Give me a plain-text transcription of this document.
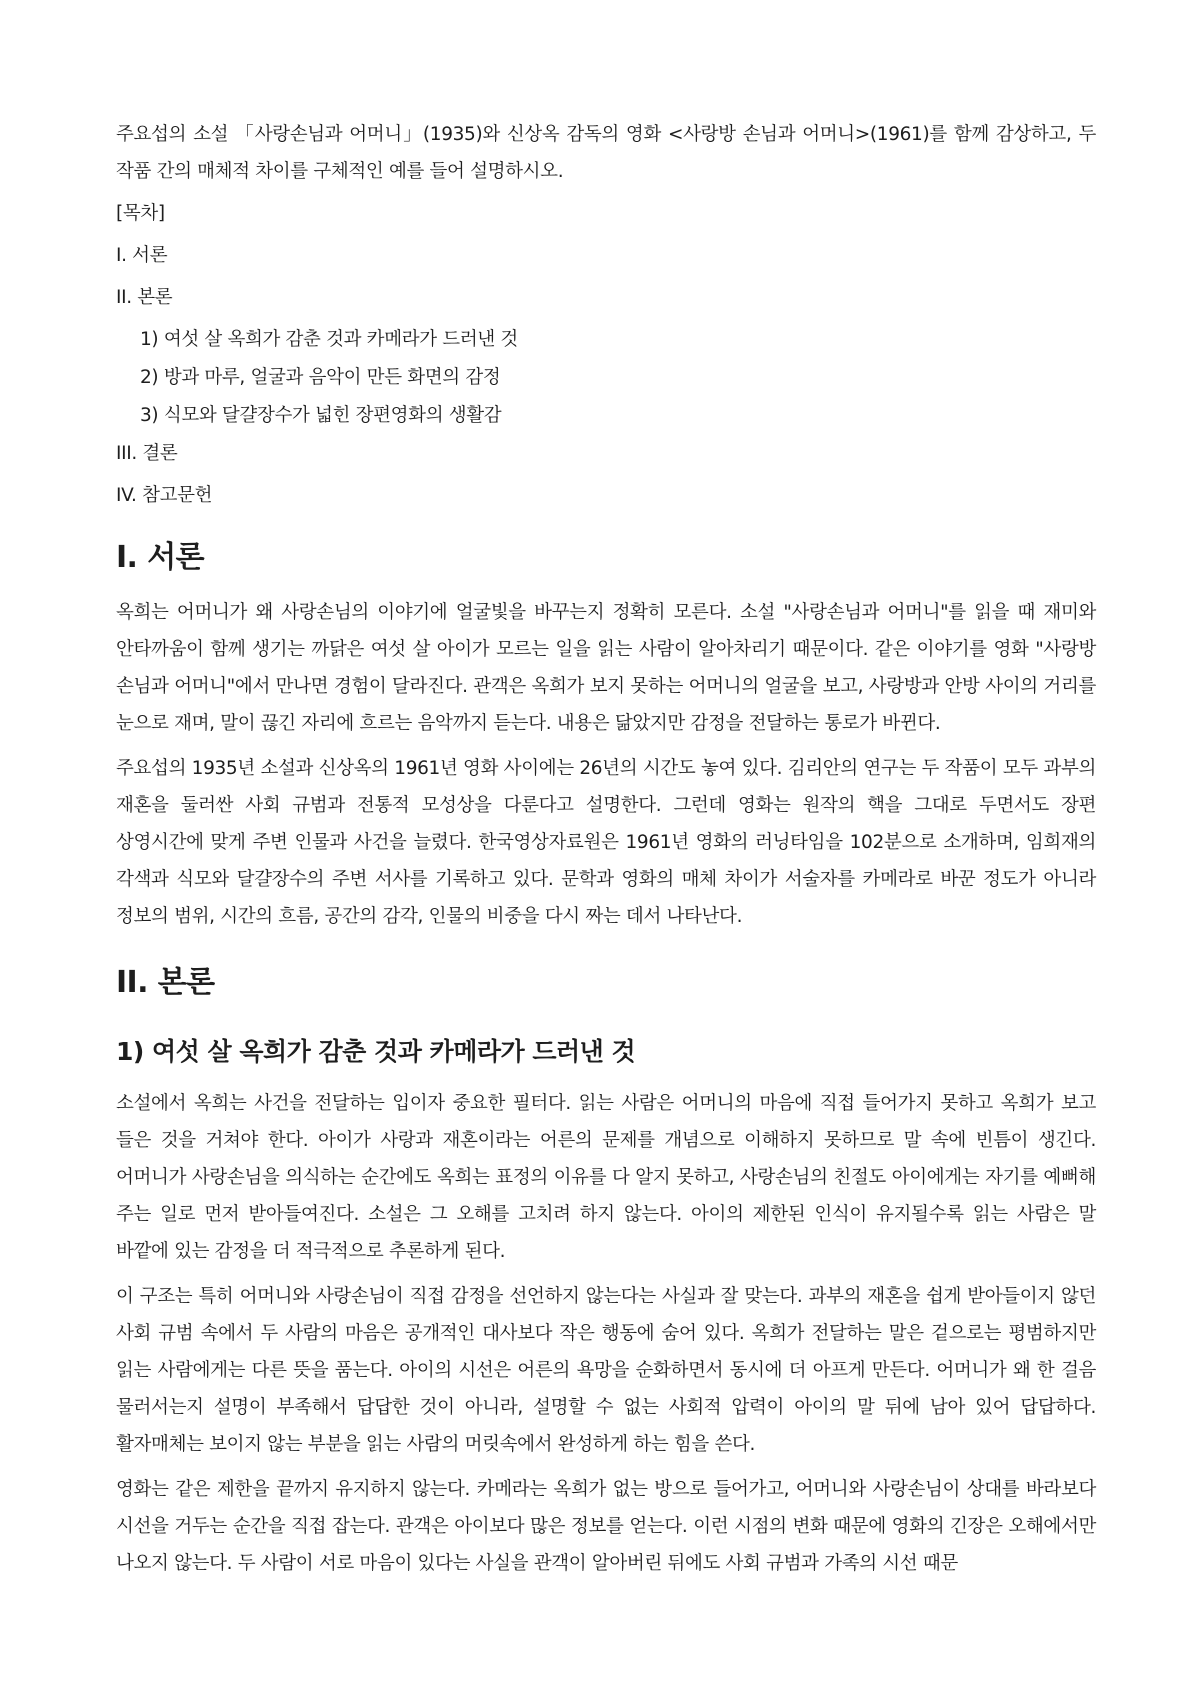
주요섭의 소설 「사랑손님과 어머니」(1935)와 신상옥 감독의 영화 <사랑방 손님과 어머니>(1961)를 함께 감상하고, 두 작품 간의 매체적 차이를 구체적인 예를 들어 설명하시오.

[목차]

I. 서론

II. 본론

1) 여섯 살 옥희가 감춘 것과 카메라가 드러낸 것

2) 방과 마루, 얼굴과 음악이 만든 화면의 감정

3) 식모와 달걀장수가 넓힌 장편영화의 생활감

III. 결론

IV. 참고문헌

I. 서론

옥희는 어머니가 왜 사랑손님의 이야기에 얼굴빛을 바꾸는지 정확히 모른다. 소설 "사랑손님과 어머니"를 읽을 때 재미와 안타까움이 함께 생기는 까닭은 여섯 살 아이가 모르는 일을 읽는 사람이 알아차리기 때문이다. 같은 이야기를 영화 "사랑방 손님과 어머니"에서 만나면 경험이 달라진다. 관객은 옥희가 보지 못하는 어머니의 얼굴을 보고, 사랑방과 안방 사이의 거리를 눈으로 재며, 말이 끊긴 자리에 흐르는 음악까지 듣는다. 내용은 닮았지만 감정을 전달하는 통로가 바뀐다.

주요섭의 1935년 소설과 신상옥의 1961년 영화 사이에는 26년의 시간도 놓여 있다. 김리안의 연구는 두 작품이 모두 과부의 재혼을 둘러싼 사회 규범과 전통적 모성상을 다룬다고 설명한다. 그런데 영화는 원작의 핵을 그대로 두면서도 장편 상영시간에 맞게 주변 인물과 사건을 늘렸다. 한국영상자료원은 1961년 영화의 러닝타임을 102분으로 소개하며, 임희재의 각색과 식모와 달걀장수의 주변 서사를 기록하고 있다. 문학과 영화의 매체 차이가 서술자를 카메라로 바꾼 정도가 아니라 정보의 범위, 시간의 흐름, 공간의 감각, 인물의 비중을 다시 짜는 데서 나타난다.

II. 본론
1) 여섯 살 옥희가 감춘 것과 카메라가 드러낸 것

소설에서 옥희는 사건을 전달하는 입이자 중요한 필터다. 읽는 사람은 어머니의 마음에 직접 들어가지 못하고 옥희가 보고 들은 것을 거쳐야 한다. 아이가 사랑과 재혼이라는 어른의 문제를 개념으로 이해하지 못하므로 말 속에 빈틈이 생긴다. 어머니가 사랑손님을 의식하는 순간에도 옥희는 표정의 이유를 다 알지 못하고, 사랑손님의 친절도 아이에게는 자기를 예뻐해 주는 일로 먼저 받아들여진다. 소설은 그 오해를 고치려 하지 않는다. 아이의 제한된 인식이 유지될수록 읽는 사람은 말 바깥에 있는 감정을 더 적극적으로 추론하게 된다.

이 구조는 특히 어머니와 사랑손님이 직접 감정을 선언하지 않는다는 사실과 잘 맞는다. 과부의 재혼을 쉽게 받아들이지 않던 사회 규범 속에서 두 사람의 마음은 공개적인 대사보다 작은 행동에 숨어 있다. 옥희가 전달하는 말은 겉으로는 평범하지만 읽는 사람에게는 다른 뜻을 품는다. 아이의 시선은 어른의 욕망을 순화하면서 동시에 더 아프게 만든다. 어머니가 왜 한 걸음 물러서는지 설명이 부족해서 답답한 것이 아니라, 설명할 수 없는 사회적 압력이 아이의 말 뒤에 남아 있어 답답하다. 활자매체는 보이지 않는 부분을 읽는 사람의 머릿속에서 완성하게 하는 힘을 쓴다.

영화는 같은 제한을 끝까지 유지하지 않는다. 카메라는 옥희가 없는 방으로 들어가고, 어머니와 사랑손님이 상대를 바라보다 시선을 거두는 순간을 직접 잡는다. 관객은 아이보다 많은 정보를 얻는다. 이런 시점의 변화 때문에 영화의 긴장은 오해에서만 나오지 않는다. 두 사람이 서로 마음이 있다는 사실을 관객이 알아버린 뒤에도 사회 규범과 가족의 시선 때문
